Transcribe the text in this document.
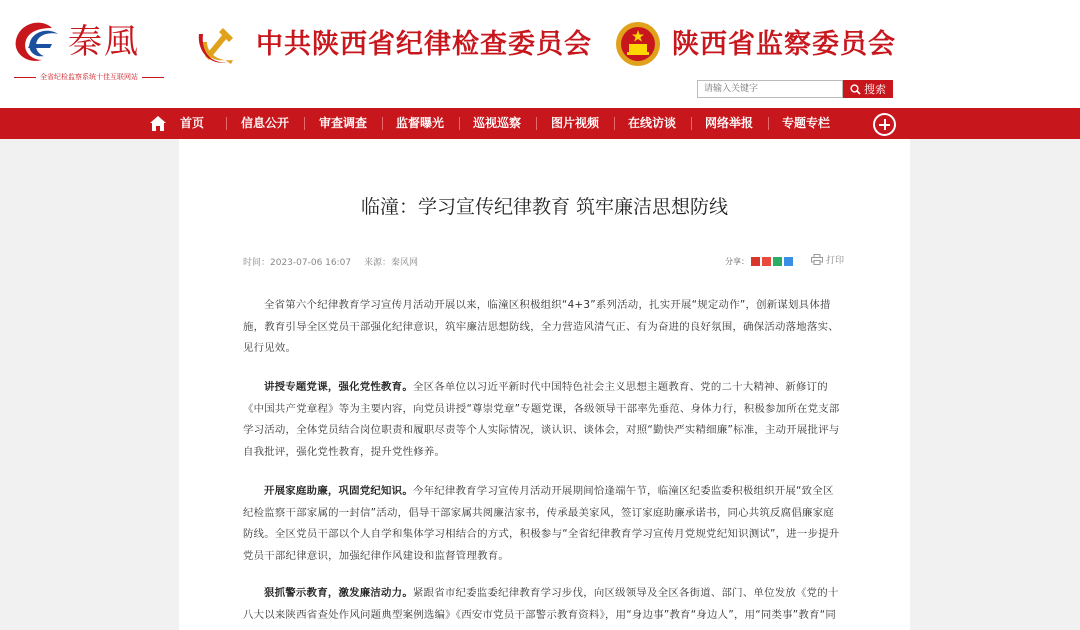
秦風
全省纪检监察系统十佳互联网站
中共陕西省纪律检查委员会	陕西省监察委员会
请输入关键字
搜索
首页	信息公开 审查调查 监督曝光 巡视巡察 图片视频 在线访谈 网络举报 专题专栏
临潼：学习宣传纪律教育 筑牢廉洁思想防线
时间：2023-07-06 16:07 来源：秦风网	分享：	打印

全省第六个纪律教育学习宣传月活动开展以来，临潼区积极组织“4+3”系列活动，扎实开展“规定动作”，创新谋划具体措施，教育引导全区党员干部强化纪律意识，筑牢廉洁思想防线，全力营造风清气正、有为奋进的良好氛围，确保活动落地落实、见行见效。

讲授专题党课，强化党性教育。全区各单位以习近平新时代中国特色社会主义思想主题教育、党的二十大精神、新修订的《中国共产党章程》等为主要内容，向党员讲授“尊崇党章”专题党课，各级领导干部率先垂范、身体力行，积极参加所在党支部学习活动，全体党员结合岗位职责和履职尽责等个人实际情况，谈认识、谈体会，对照“勤快严实精细廉”标准，主动开展批评与自我批评，强化党性教育，提升党性修养。

开展家庭助廉，巩固党纪知识。今年纪律教育学习宣传月活动开展期间恰逢端午节，临潼区纪委监委积极组织开展“致全区纪检监察干部家属的一封信”活动，倡导干部家属共阅廉洁家书，传承最美家风，签订家庭助廉承诺书，同心共筑反腐倡廉家庭防线。全区党员干部以个人自学和集体学习相结合的方式，积极参与“全省纪律教育学习宣传月党规党纪知识测试”，进一步提升党员干部纪律意识，加强纪律作风建设和监督管理教育。

狠抓警示教育，激发廉洁动力。紧跟省市纪委监委纪律教育学习步伐，向区级领导及全区各街道、部门、单位发放《党的十八大以来陕西省查处作风问题典型案例选编》《西安市党员干部警示教育资料》，用“身边事”教育“身边人”，用“同类事”教育“同
